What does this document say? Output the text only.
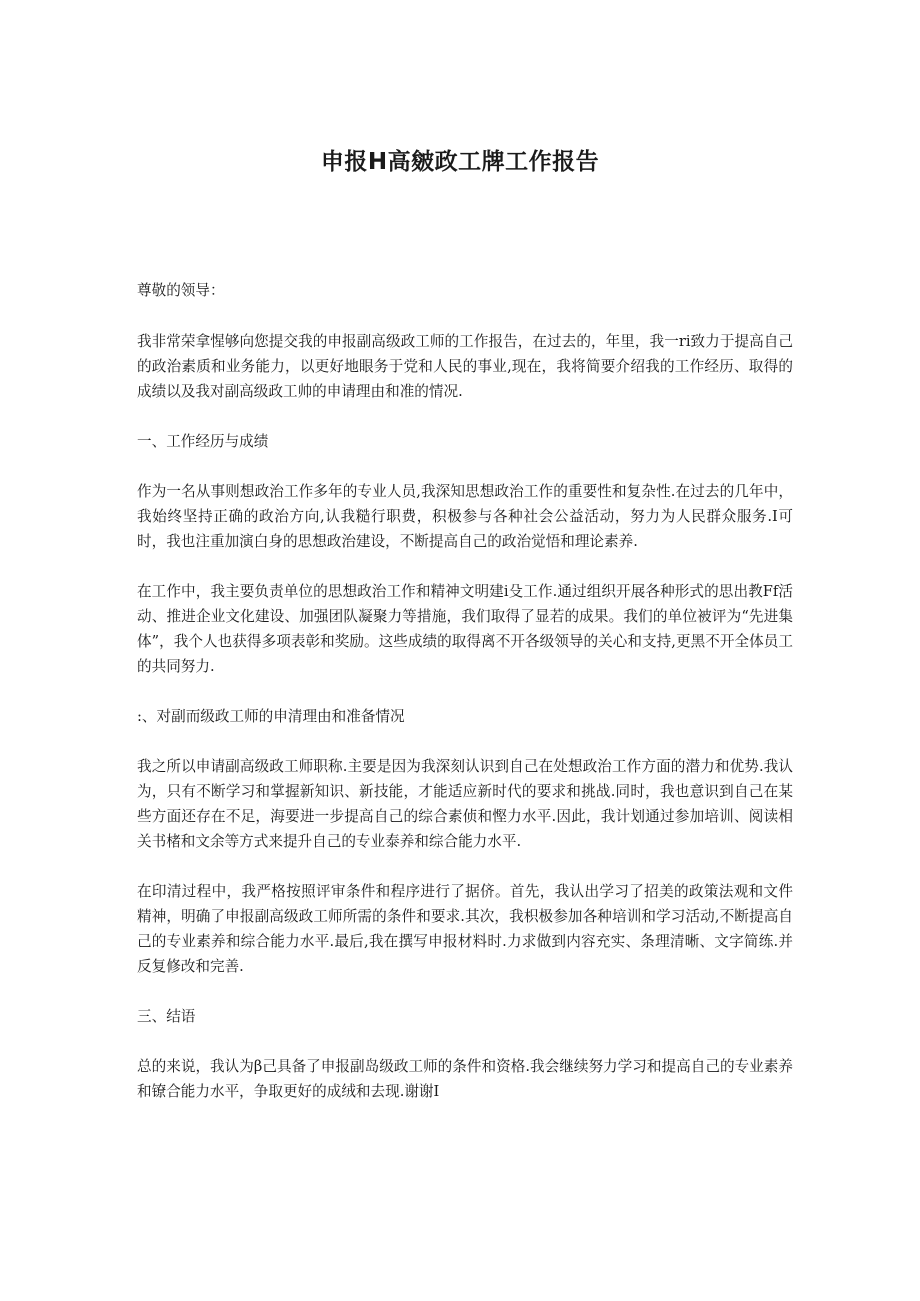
申报H高皴政工牌工作报告

尊敬的领导：

我非常荣拿惺够向您提交我的申报副高级政工师的工作报告，在过去的，年里，我一ri致力于提高自己的政治素质和业务能力，以更好地眼务于党和人民的事业,现在，我将简要介绍我的工作经历、取得的成绩以及我对副高级政工帅的申请理由和准的情况.

一、工作经历与成绩

作为一名从事则想政治工作多年的专业人员,我深知思想政治工作的重要性和复杂性.在过去的几年中，我始终坚持正确的政治方向,认我糙行职费，积极参与各种社会公益活动，努力为人民群众服务.I可时，我也注重加演白身的思想政治建设，不断提高自己的政治觉悟和理论素养.

在工作中，我主要负责单位的思想政治工作和精神文明建i殳工作.通过组织开展各种形式的思出教Ff活动、推进企业文化建设、加强团队凝聚力等措施，我们取得了显若的成果。我们的单位被评为“先进集体”，我个人也获得多项表彰和奖励。这些成绩的取得离不开各级领导的关心和支持,更黑不开全体员工的共同努力.

:、对副而级政工师的申清理由和准备情况

我之所以申请副高级政工师职称.主要是因为我深刻认识到自己在处想政治工作方面的潜力和优势.我认为，只有不断学习和掌握新知识、新技能，才能适应新时代的要求和挑战.同时，我也意识到自己在某些方面还存在不足，海要进一步提高自己的综合素侦和慳力水平.因此，我计划通过参加培训、阅读相关书楮和文余等方式来提升自己的专业泰养和综合能力水平.

在印清过程中，我严格按照评审条件和程序进行了据侪。首先，我认出学习了招美的政策法观和文件精神，明确了申报副高级政工师所需的条件和要求.其次，我枳极参加各种培训和学习活动,不断提高自己的专业素养和综合能力水平.最后,我在撰写申报材料时.力求做到内容充实、条理清晰、文字简练.并反复修改和完善.

三、结语

总的来说，我认为β己具备了申报副岛级政工师的条件和资格.我会继续努力学习和提高自己的专业素养和镣合能力水平，争取更好的成绒和去现.谢谢I
